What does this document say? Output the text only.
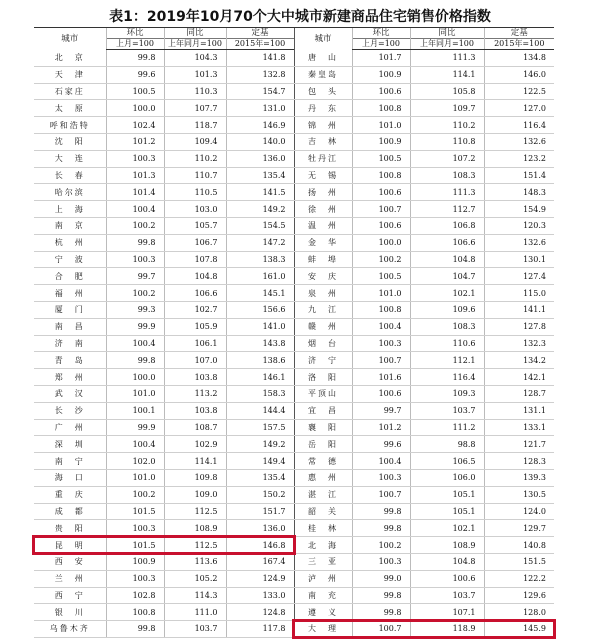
表1：2019年10月70个大中城市新建商品住宅销售价格指数
城市	环比	同比	定基	城市	环比	同比	定基
	上月=100	上年同月=100	2015年=100		上月=100	上年同月=100	2015年=100
北　京	99.8	104.3	141.8	唐　山	101.7	111.3	134.8
天　津	99.6	101.3	132.8	秦皇岛	100.9	114.1	146.0
石家庄	100.5	110.3	154.7	包　头	100.6	105.8	122.5
太　原	100.0	107.7	131.0	丹　东	100.8	109.7	127.0
呼和浩特	102.4	118.7	146.9	锦　州	101.0	110.2	116.4
沈　阳	101.2	109.4	140.0	吉　林	100.9	110.8	132.6
大　连	100.3	110.2	136.0	牡丹江	100.5	107.2	123.2
长　春	101.3	110.7	135.4	无　锡	100.8	108.3	151.4
哈尔滨	101.4	110.5	141.5	扬　州	100.6	111.3	148.3
上　海	100.4	103.0	149.2	徐　州	100.7	112.7	154.9
南　京	100.2	105.7	154.5	温　州	100.6	106.8	120.3
杭　州	99.8	106.7	147.2	金　华	100.0	106.6	132.6
宁　波	100.3	107.8	138.3	蚌　埠	100.2	104.8	130.1
合　肥	99.7	104.8	161.0	安　庆	100.5	104.7	127.4
福　州	100.2	106.6	145.1	泉　州	101.0	102.1	115.0
厦　门	99.3	102.7	156.6	九　江	100.8	109.6	141.1
南　昌	99.9	105.9	141.0	赣　州	100.4	108.3	127.8
济　南	100.4	106.1	143.8	烟　台	100.3	110.6	132.3
青　岛	99.8	107.0	138.6	济　宁	100.7	112.1	134.2
郑　州	100.0	103.8	146.1	洛　阳	101.6	116.4	142.1
武　汉	101.0	113.2	158.3	平顶山	100.6	109.3	128.7
长　沙	100.1	103.8	144.4	宜　昌	99.7	103.7	131.1
广　州	99.9	108.7	157.5	襄　阳	101.2	111.2	133.1
深　圳	100.4	102.9	149.2	岳　阳	99.6	98.8	121.7
南　宁	102.0	114.1	149.4	常　德	100.4	106.5	128.3
海　口	101.0	109.8	135.4	惠　州	100.3	106.0	139.3
重　庆	100.2	109.0	150.2	湛　江	100.7	105.1	130.5
成　都	101.5	112.5	151.7	韶　关	99.8	105.1	124.0
贵　阳	100.3	108.9	136.0	桂　林	99.8	102.1	129.7
昆　明	101.5	112.5	146.8	北　海	100.2	108.9	140.8
西　安	100.9	113.6	167.4	三　亚	100.3	104.8	151.5
兰　州	100.3	105.2	124.9	泸　州	99.0	100.6	122.2
西　宁	102.8	114.3	133.0	南　充	99.8	103.7	129.6
银　川	100.8	111.0	124.8	遵　义	99.8	107.1	128.0
乌鲁木齐	99.8	103.7	117.8	大　理	100.7	118.9	145.9
